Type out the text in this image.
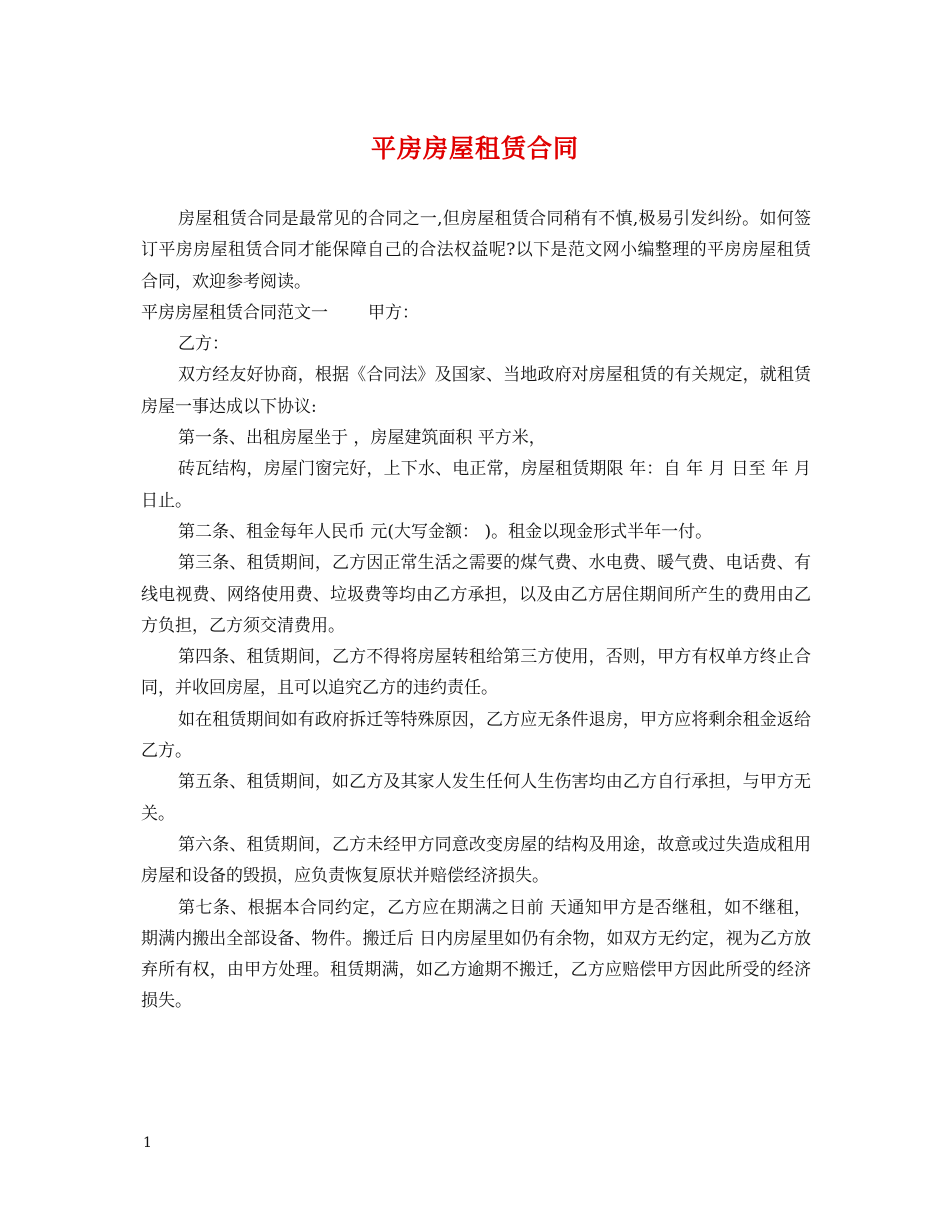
平房房屋租赁合同

房屋租赁合同是最常见的合同之一,但房屋租赁合同稍有不慎,极易引发纠纷。如何签订平房房屋租赁合同才能保障自己的合法权益呢?以下是范文网小编整理的平房房屋租赁合同，欢迎参考阅读。

平房房屋租赁合同范文一 甲方：

乙方：

双方经友好协商，根据《合同法》及国家、当地政府对房屋租赁的有关规定，就租赁房屋一事达成以下协议:

第一条、出租房屋坐于 ，房屋建筑面积 平方米，

砖瓦结构，房屋门窗完好，上下水、电正常，房屋租赁期限 年：自 年 月 日至 年 月 日止。

第二条、租金每年人民币 元(大写金额： )。租金以现金形式半年一付。

第三条、租赁期间，乙方因正常生活之需要的煤气费、水电费、暖气费、电话费、有线电视费、网络使用费、垃圾费等均由乙方承担，以及由乙方居住期间所产生的费用由乙方负担，乙方须交清费用。

第四条、租赁期间，乙方不得将房屋转租给第三方使用，否则，甲方有权单方终止合同，并收回房屋，且可以追究乙方的违约责任。

如在租赁期间如有政府拆迁等特殊原因，乙方应无条件退房，甲方应将剩余租金返给乙方。

第五条、租赁期间，如乙方及其家人发生任何人生伤害均由乙方自行承担，与甲方无关。

第六条、租赁期间，乙方未经甲方同意改变房屋的结构及用途，故意或过失造成租用房屋和设备的毁损，应负责恢复原状并赔偿经济损失。

第七条、根据本合同约定，乙方应在期满之日前 天通知甲方是否继租，如不继租，期满内搬出全部设备、物件。搬迁后 日内房屋里如仍有余物，如双方无约定，视为乙方放弃所有权，由甲方处理。租赁期满，如乙方逾期不搬迁，乙方应赔偿甲方因此所受的经济损失。

1
